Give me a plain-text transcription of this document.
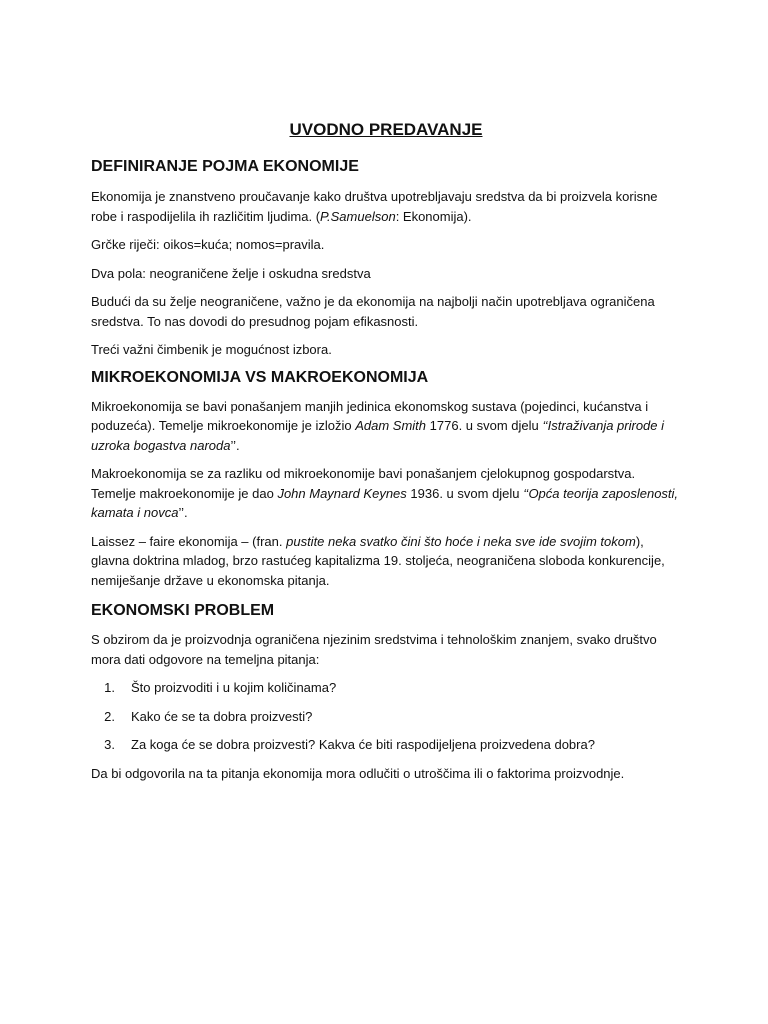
UVODNO PREDAVANJE
DEFINIRANJE POJMA EKONOMIJE

Ekonomija je znanstveno proučavanje kako društva upotrebljavaju sredstva da bi proizvela korisne robe i raspodijelila ih različitim ljudima. (P.Samuelson: Ekonomija).

Grčke riječi: oikos=kuća; nomos=pravila.

Dva pola: neograničene želje i oskudna sredstva

Budući da su želje neograničene, važno je da ekonomija na najbolji način upotrebljava ograničena sredstva. To nas dovodi do presudnog pojam efikasnosti.

Treći važni čimbenik je mogućnost izbora.

MIKROEKONOMIJA VS MAKROEKONOMIJA

Mikroekonomija se bavi ponašanjem manjih jedinica ekonomskog sustava (pojedinci, kućanstva i poduzeća). Temelje mikroekonomije je izložio Adam Smith 1776. u svom djelu ‘‘Istraživanja prirode i uzroka bogastva naroda’’.

Makroekonomija se za razliku od mikroekonomije bavi ponašanjem cjelokupnog gospodarstva. Temelje makroekonomije je dao John Maynard Keynes 1936. u svom djelu ‘‘Opća teorija zaposlenosti, kamata i novca’’.

Laissez – faire ekonomija – (fran. pustite neka svatko čini što hoće i neka sve ide svojim tokom), glavna doktrina mladog, brzo rastućeg kapitalizma 19. stoljeća, neograničena sloboda konkurencije, nemiješanje države u ekonomska pitanja.

EKONOMSKI PROBLEM

S obzirom da je proizvodnja ograničena njezinim sredstvima i tehnološkim znanjem, svako društvo mora dati odgovore na temeljna pitanja:

1.	Što proizvoditi i u kojim količinama?
2.	Kako će se ta dobra proizvesti?
3.	Za koga će se dobra proizvesti? Kakva će biti raspodijeljena proizvedena dobra?

Da bi odgovorila na ta pitanja ekonomija mora odlučiti o utroščima ili o faktorima proizvodnje.
